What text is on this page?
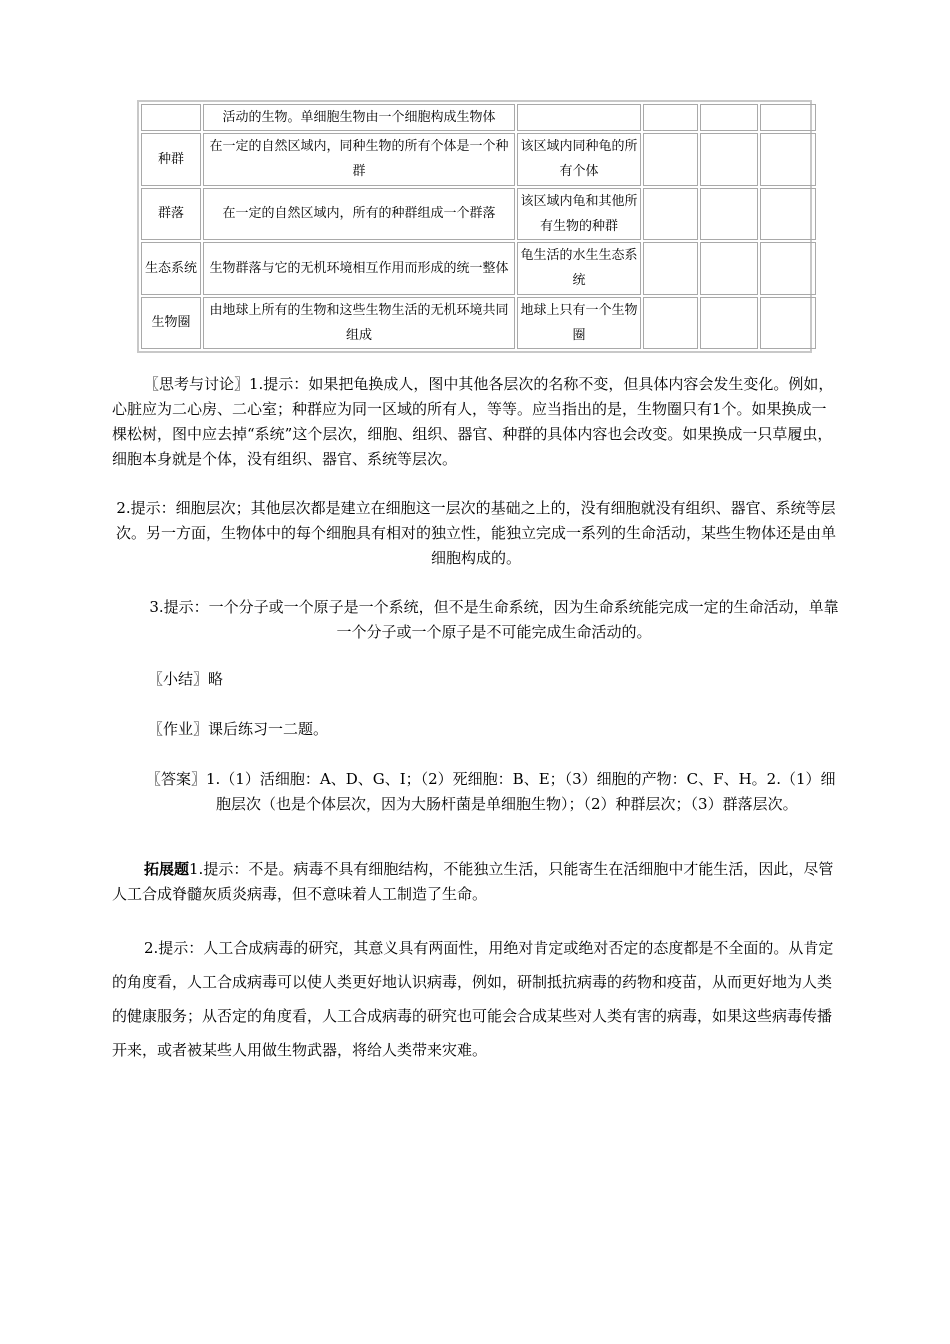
	活动的生物。单细胞生物由一个细胞构成生物体				
种群	在一定的自然区域内，同种生物的所有个体是一个种群	该区域内同种龟的所有个体			
群落	在一定的自然区域内，所有的种群组成一个群落	该区域内龟和其他所有生物的种群			
生态系统	生物群落与它的无机环境相互作用而形成的统一整体	龟生活的水生生态系统			
生物圈	由地球上所有的生物和这些生物生活的无机环境共同组成	地球上只有一个生物圈			

〖思考与讨论〗1.提示：如果把龟换成人，图中其他各层次的名称不变，但具体内容会发生变化。例如，心脏应为二心房、二心室；种群应为同一区域的所有人，等等。应当指出的是，生物圈只有1个。如果换成一棵松树，图中应去掉“系统”这个层次，细胞、组织、器官、种群的具体内容也会改变。如果换成一只草履虫，细胞本身就是个体，没有组织、器官、系统等层次。

2.提示：细胞层次；其他层次都是建立在细胞这一层次的基础之上的，没有细胞就没有组织、器官、系统等层次。另一方面，生物体中的每个细胞具有相对的独立性，能独立完成一系列的生命活动，某些生物体还是由单细胞构成的。

3.提示：一个分子或一个原子是一个系统，但不是生命系统，因为生命系统能完成一定的生命活动，单靠一个分子或一个原子是不可能完成生命活动的。

〖小结〗略

〖作业〗课后练习一二题。

〖答案〗1.（1）活细胞：A、D、G、I；（2）死细胞：B、E；（3）细胞的产物：C、F、H。2.（1）细胞层次（也是个体层次，因为大肠杆菌是单细胞生物）；（2）种群层次；（3）群落层次。

拓展题1.提示：不是。病毒不具有细胞结构，不能独立生活，只能寄生在活细胞中才能生活，因此，尽管人工合成脊髓灰质炎病毒，但不意味着人工制造了生命。

2.提示：人工合成病毒的研究，其意义具有两面性，用绝对肯定或绝对否定的态度都是不全面的。从肯定的角度看，人工合成病毒可以使人类更好地认识病毒，例如，研制抵抗病毒的药物和疫苗，从而更好地为人类的健康服务；从否定的角度看，人工合成病毒的研究也可能会合成某些对人类有害的病毒，如果这些病毒传播开来，或者被某些人用做生物武器，将给人类带来灾难。
